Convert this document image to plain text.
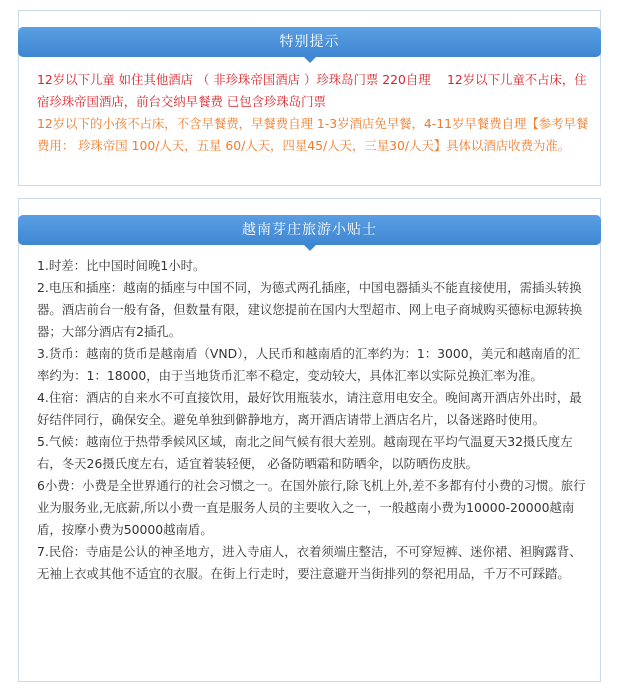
特别提示

12岁以下儿童 如住其他酒店 （ 非珍珠帝国酒店 ）珍珠岛门票 220自理　 12岁以下儿童不占床，住宿珍珠帝国酒店，前台交纳早餐费 已包含珍珠岛门票

12岁以下的小孩不占床，不含早餐费，早餐费自理 1-3岁酒店免早餐，4-11岁早餐费自理【参考早餐费用： 珍珠帝国 100/人天，五星 60/人天，四星45/人天，三星30/人天】具体以酒店收费为准。

越南芽庄旅游小贴士

1.时差：比中国时间晚1小时。

2.电压和插座：越南的插座与中国不同，为德式两孔插座，中国电器插头不能直接使用，需插头转换器。酒店前台一般有备，但数量有限，建议您提前在国内大型超市、网上电子商城购买德标电源转换器；大部分酒店有2插孔。

3.货币：越南的货币是越南盾（VND），人民币和越南盾的汇率约为：1：3000，美元和越南盾的汇率约为：1：18000，由于当地货币汇率不稳定，变动较大，具体汇率以实际兑换汇率为准。

4.住宿：酒店的自来水不可直接饮用，最好饮用瓶装水，请注意用电安全。晚间离开酒店外出时，最好结伴同行，确保安全。避免单独到僻静地方，离开酒店请带上酒店名片，以备迷路时使用。

5.气候：越南位于热带季候风区域，南北之间气候有很大差别。越南现在平均气温夏天32摄氏度左右，冬天26摄氏度左右，适宜着装轻便， 必备防晒霜和防晒伞，以防晒伤皮肤。

6小费：小费是全世界通行的社会习惯之一。在国外旅行,除飞机上外,差不多都有付小费的习惯。旅行业为服务业,无底薪,所以小费一直是服务人员的主要收入之一，一般越南小费为10000-20000越南盾，按摩小费为50000越南盾。

7.民俗：寺庙是公认的神圣地方，进入寺庙人，衣着须端庄整洁，不可穿短裤、迷你裙、袒胸露背、无袖上衣或其他不适宜的衣服。在街上行走时，要注意避开当街排列的祭祀用品，千万不可踩踏。
